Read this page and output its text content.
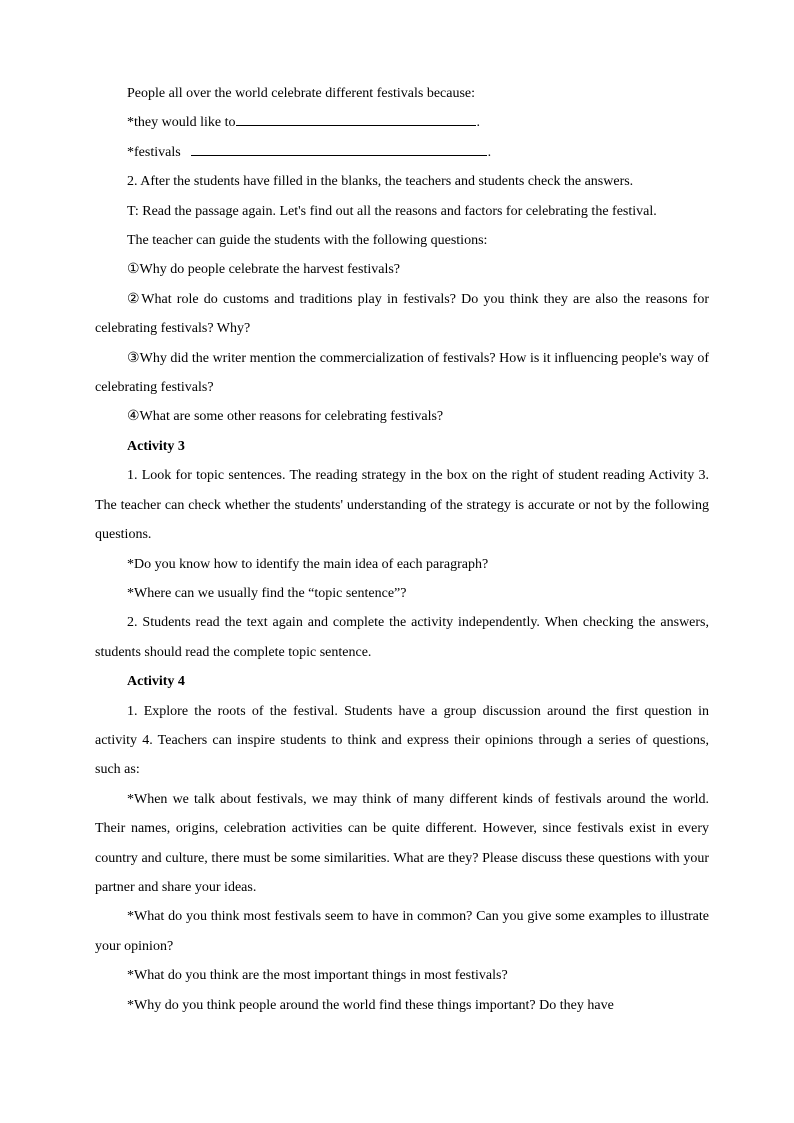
People all over the world celebrate different festivals because:

*they would like to	.

*festivals	.

2. After the students have filled in the blanks, the teachers and students check the answers.

T: Read the passage again. Let's find out all the reasons and factors for celebrating the festival.

The teacher can guide the students with the following questions:

①Why do people celebrate the harvest festivals?

②What role do customs and traditions play in festivals? Do you think they are also the reasons for celebrating festivals? Why?

③Why did the writer mention the commercialization of festivals? How is it influencing people's way of celebrating festivals?

④What are some other reasons for celebrating festivals?

Activity 3

1. Look for topic sentences. The reading strategy in the box on the right of student reading Activity 3. The teacher can check whether the students' understanding of the strategy is accurate or not by the following questions.

*Do you know how to identify the main idea of each paragraph?

*Where can we usually find the “topic sentence”?

2. Students read the text again and complete the activity independently. When checking the answers, students should read the complete topic sentence.

Activity 4

1. Explore the roots of the festival. Students have a group discussion around the first question in activity 4. Teachers can inspire students to think and express their opinions through a series of questions, such as:

*When we talk about festivals, we may think of many different kinds of festivals around the world. Their names, origins, celebration activities can be quite different. However, since festivals exist in every country and culture, there must be some similarities. What are they? Please discuss these questions with your partner and share your ideas.

*What do you think most festivals seem to have in common? Can you give some examples to illustrate your opinion?

*What do you think are the most important things in most festivals?

*Why do you think people around the world find these things important? Do they have
